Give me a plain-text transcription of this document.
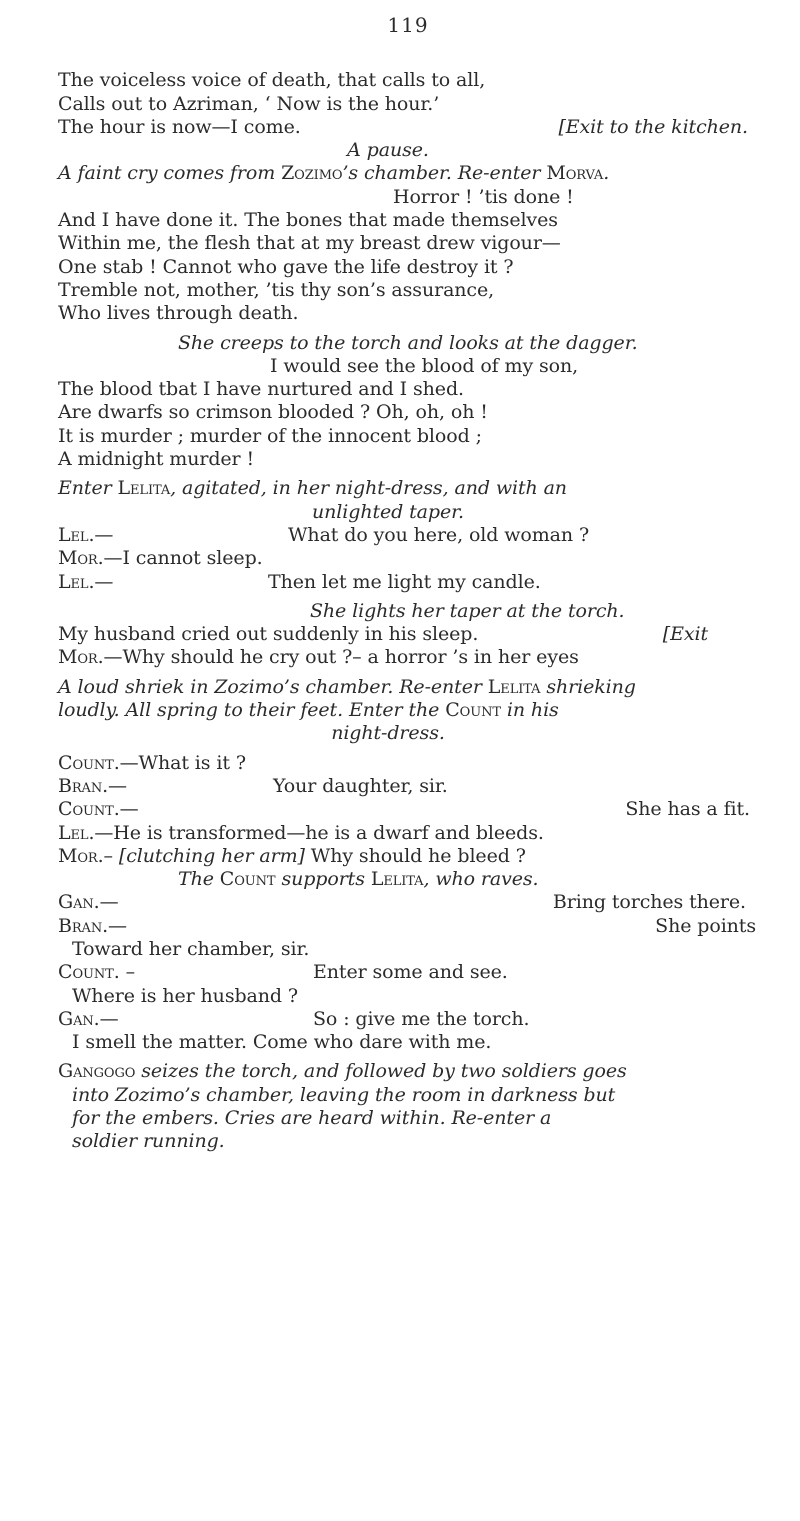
119
The voiceless voice of death, that calls to all,
Calls out to Azriman, ‘ Now is the hour.’
The hour is now—I come.	[Exit to the kitchen.
A pause.
A faint cry comes from Zozimo’s chamber. Re-enter Morva.
Horror ! ’tis done !
And I have done it. The bones that made themselves
Within me, the flesh that at my breast drew vigour—
One stab ! Cannot who gave the life destroy it ?
Tremble not, mother, ’tis thy son’s assurance,
Who lives through death.
She creeps to the torch and looks at the dagger.
I would see the blood of my son,
The blood tbat I have nurtured and I shed.
Are dwarfs so crimson blooded ? Oh, oh, oh !
It is murder ; murder of the innocent blood ;
A midnight murder !
Enter Lelita, agitated, in her night-dress, and with an
unlighted taper.
Lel.—	What do you here, old woman ?
Mor.—I cannot sleep.
Lel.—	Then let me light my candle.
She lights her taper at the torch.
My husband cried out suddenly in his sleep.	[Exit
Mor.—Why should he cry out ?– a horror ’s in her eyes
A loud shriek in Zozimo’s chamber. Re-enter Lelita shrieking
loudly. All spring to their feet. Enter the Count in his
night-dress.
Count.—What is it ?
Bran.—	Your daughter, sir.
Count.—	She has a fit.
Lel.—He is transformed—he is a dwarf and bleeds.
Mor.– [clutching her arm] Why should he bleed ?
The Count supports Lelita, who raves.
Gan.—	Bring torches there.
Bran.—	She points
Toward her chamber, sir.
Count. –	Enter some and see.
Where is her husband ?
Gan.—	So : give me the torch.
I smell the matter. Come who dare with me.
Gangogo seizes the torch, and followed by two soldiers goes
into Zozimo’s chamber, leaving the room in darkness but
for the embers. Cries are heard within. Re-enter a
soldier running.
